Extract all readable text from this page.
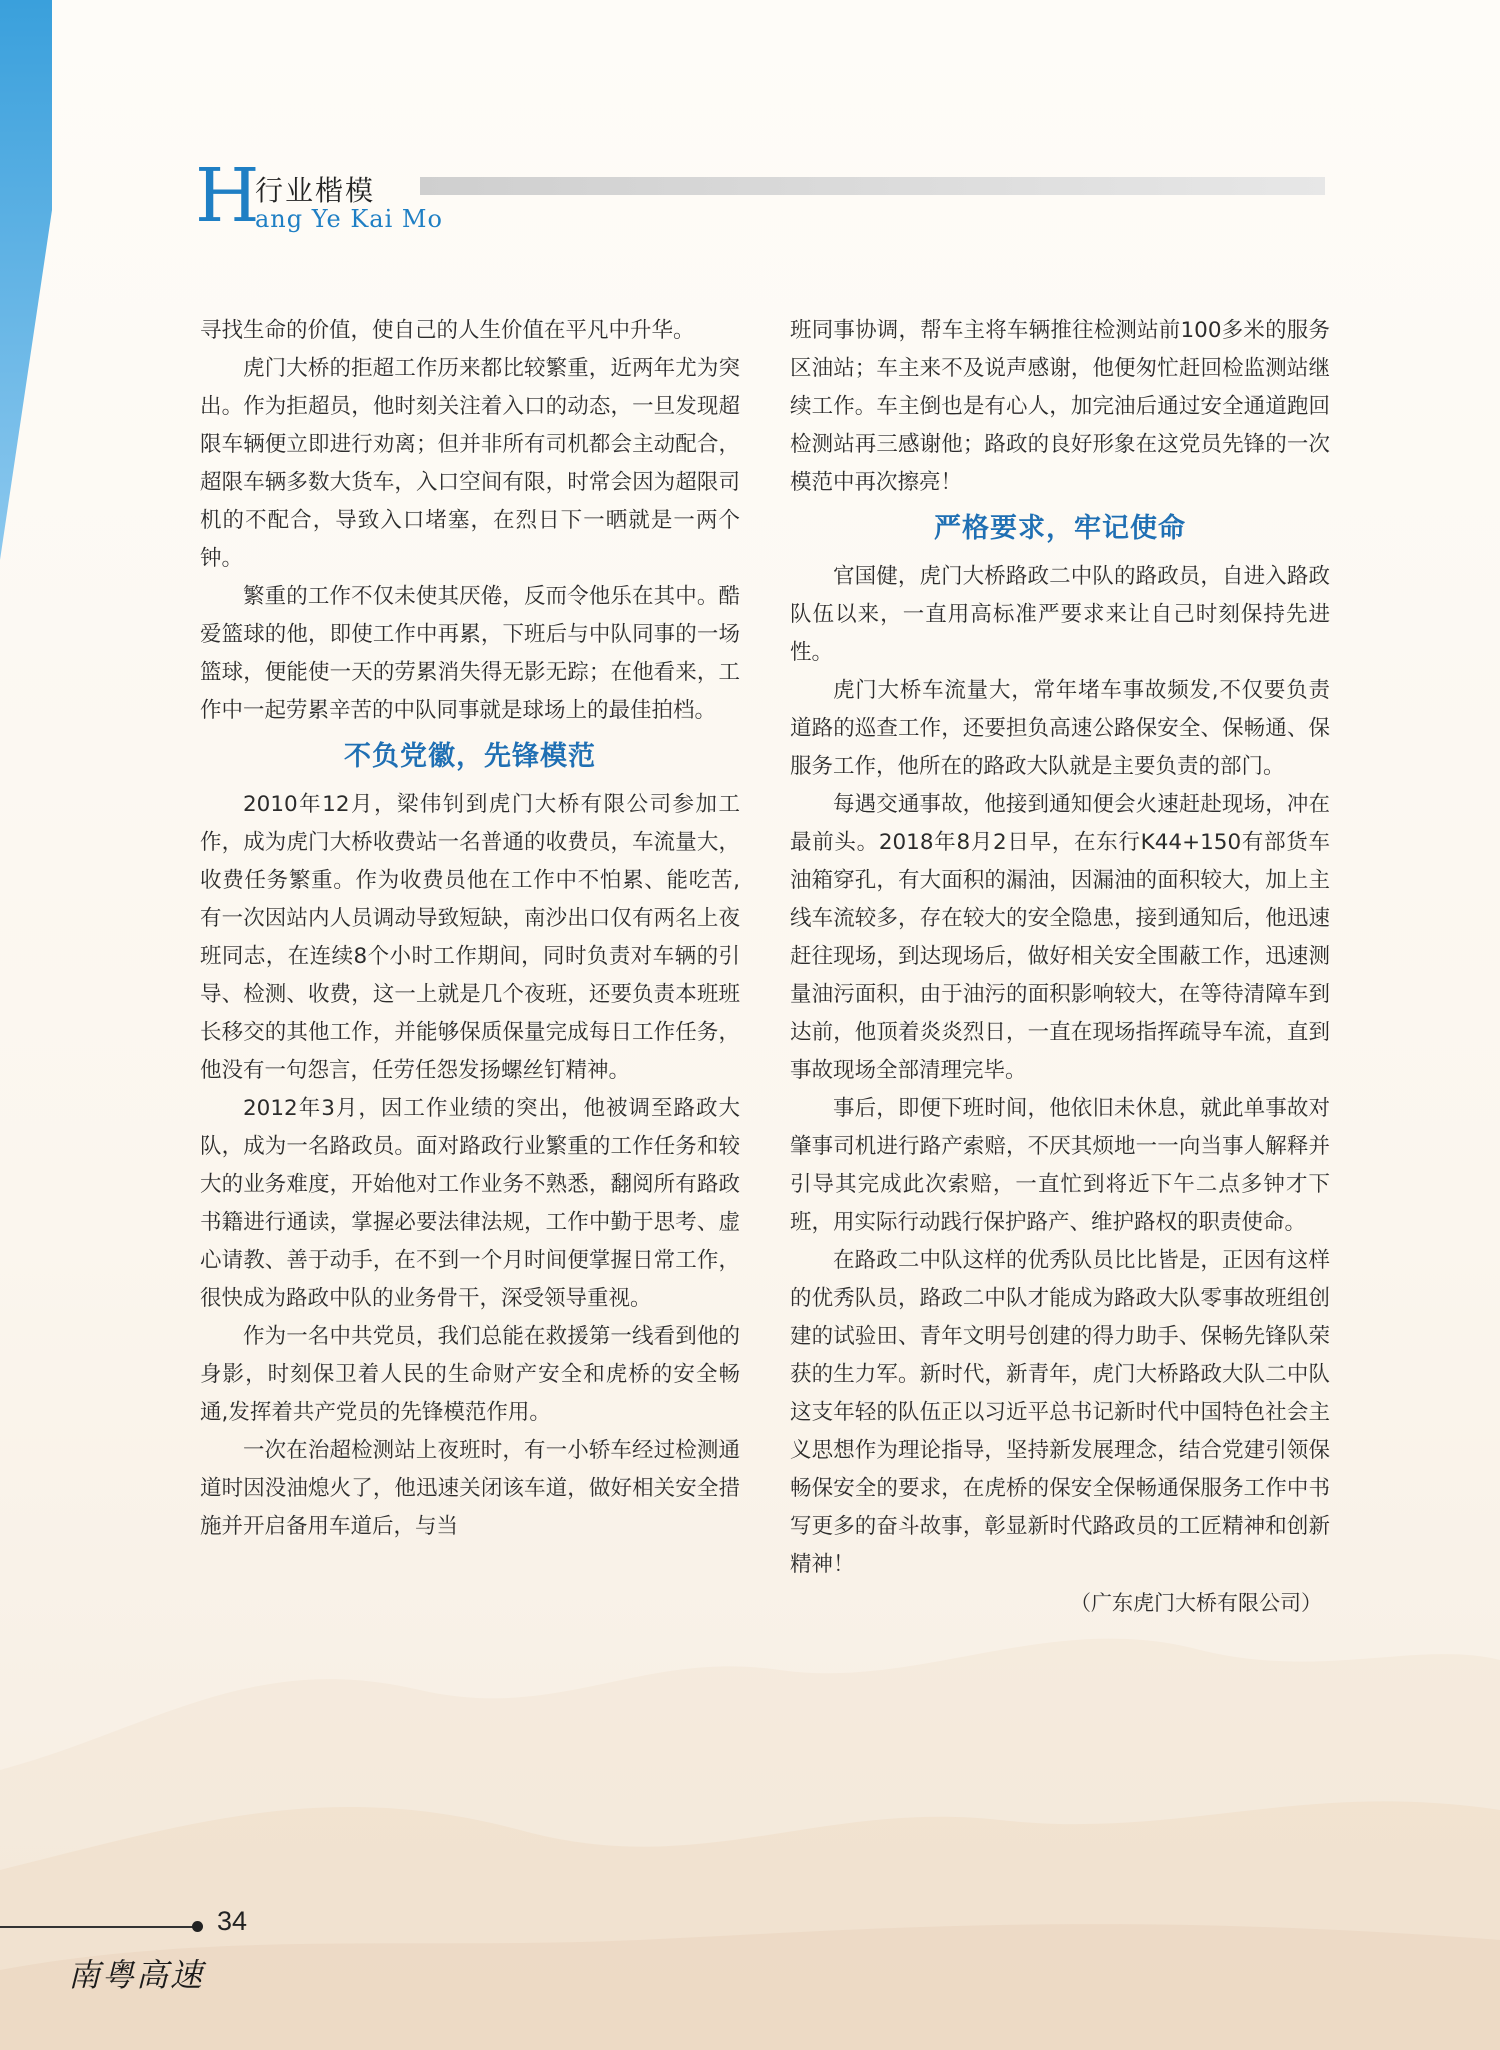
H
行业楷模
ang Ye Kai Mo

寻找生命的价值，使自己的人生价值在平凡中升华。

虎门大桥的拒超工作历来都比较繁重，近两年尤为突出。作为拒超员，他时刻关注着入口的动态，一旦发现超限车辆便立即进行劝离；但并非所有司机都会主动配合，超限车辆多数大货车，入口空间有限，时常会因为超限司机的不配合，导致入口堵塞，在烈日下一晒就是一两个钟。

繁重的工作不仅未使其厌倦，反而令他乐在其中。酷爱篮球的他，即使工作中再累，下班后与中队同事的一场篮球，便能使一天的劳累消失得无影无踪；在他看来，工作中一起劳累辛苦的中队同事就是球场上的最佳拍档。

不负党徽，先锋模范

2010年12月，梁伟钊到虎门大桥有限公司参加工作，成为虎门大桥收费站一名普通的收费员，车流量大，收费任务繁重。作为收费员他在工作中不怕累、能吃苦,有一次因站内人员调动导致短缺，南沙出口仅有两名上夜班同志，在连续8个小时工作期间，同时负责对车辆的引导、检测、收费，这一上就是几个夜班，还要负责本班班长移交的其他工作，并能够保质保量完成每日工作任务，他没有一句怨言，任劳任怨发扬螺丝钉精神。

2012年3月，因工作业绩的突出，他被调至路政大队，成为一名路政员。面对路政行业繁重的工作任务和较大的业务难度，开始他对工作业务不熟悉，翻阅所有路政书籍进行通读，掌握必要法律法规，工作中勤于思考、虚心请教、善于动手，在不到一个月时间便掌握日常工作，很快成为路政中队的业务骨干，深受领导重视。

作为一名中共党员，我们总能在救援第一线看到他的身影，时刻保卫着人民的生命财产安全和虎桥的安全畅通,发挥着共产党员的先锋模范作用。

一次在治超检测站上夜班时，有一小轿车经过检测通道时因没油熄火了，他迅速关闭该车道，做好相关安全措施并开启备用车道后，与当

班同事协调，帮车主将车辆推往检测站前100多米的服务区油站；车主来不及说声感谢，他便匆忙赶回检监测站继续工作。车主倒也是有心人，加完油后通过安全通道跑回检测站再三感谢他；路政的良好形象在这党员先锋的一次模范中再次擦亮！

严格要求，牢记使命

官国健，虎门大桥路政二中队的路政员，自进入路政队伍以来，一直用高标准严要求来让自己时刻保持先进性。

虎门大桥车流量大，常年堵车事故频发,不仅要负责道路的巡查工作，还要担负高速公路保安全、保畅通、保服务工作，他所在的路政大队就是主要负责的部门。

每遇交通事故，他接到通知便会火速赶赴现场，冲在最前头。2018年8月2日早，在东行K44+150有部货车油箱穿孔，有大面积的漏油，因漏油的面积较大，加上主线车流较多，存在较大的安全隐患，接到通知后，他迅速赶往现场，到达现场后，做好相关安全围蔽工作，迅速测量油污面积，由于油污的面积影响较大，在等待清障车到达前，他顶着炎炎烈日，一直在现场指挥疏导车流，直到事故现场全部清理完毕。

事后，即便下班时间，他依旧未休息，就此单事故对肇事司机进行路产索赔，不厌其烦地一一向当事人解释并引导其完成此次索赔，一直忙到将近下午二点多钟才下班，用实际行动践行保护路产、维护路权的职责使命。

在路政二中队这样的优秀队员比比皆是，正因有这样的优秀队员，路政二中队才能成为路政大队零事故班组创建的试验田、青年文明号创建的得力助手、保畅先锋队荣获的生力军。新时代，新青年，虎门大桥路政大队二中队这支年轻的队伍正以习近平总书记新时代中国特色社会主义思想作为理论指导，坚持新发展理念，结合党建引领保畅保安全的要求，在虎桥的保安全保畅通保服务工作中书写更多的奋斗故事，彰显新时代路政员的工匠精神和创新精神！

（广东虎门大桥有限公司）

34
南粤高速
